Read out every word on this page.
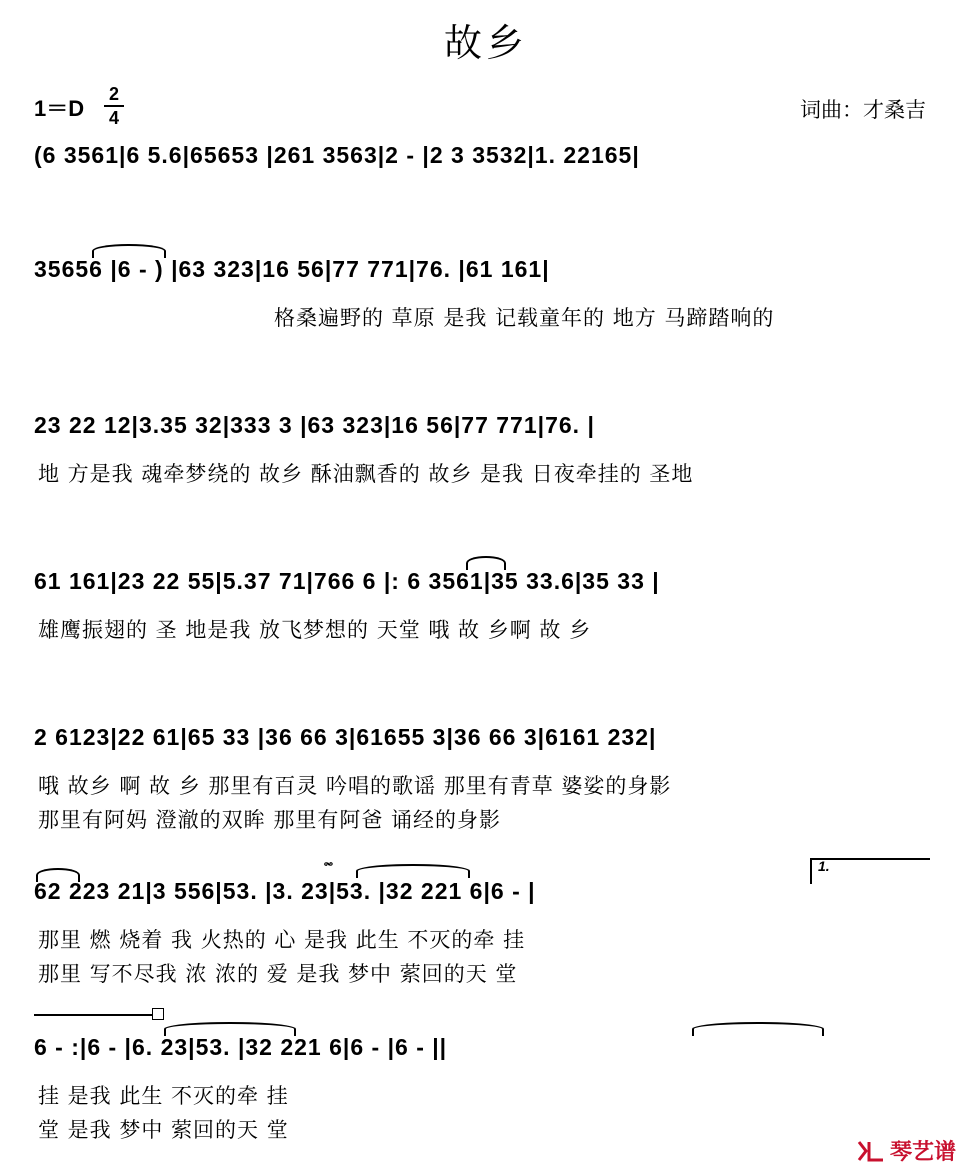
故乡
1＝D
2
4	词曲：才桑吉
(6 3561|6 5.6|65653 |261 3563|2 - |2 3 3532|1. 22165|
35656 |6 - ) |63 323|16 56|77 771|76. |61 161|
格桑遍野的 草原 是我 记载童年的 地方 马蹄踏响的
23 22 12|3.35 32|333 3 |63 323|16 56|77 771|76. |
地 方是我 魂牵梦绕的 故乡 酥油飘香的 故乡 是我 日夜牵挂的 圣地
61 161|23 22 55|5.37 71|766 6 |: 6 3561|35 33.6|35 33 |
雄鹰振翅的 圣 地是我 放飞梦想的 天堂 哦 故 乡啊 故 乡
2 6123|22 61|65 33 |36 66 3|61655 3|36 66 3|6161 232|
哦 故乡 啊 故 乡 那里有百灵 吟唱的歌谣 那里有青草 婆娑的身影
那里有阿妈 澄澈的双眸 那里有阿爸 诵经的身影
62 223 21|3 556|53. |3. 23|53. |32 221 6|6 - |
那里 燃 烧着 我 火热的 心 是我 此生 不灭的牵 挂
那里 写不尽我 浓 浓的 爱 是我 梦中 萦回的天 堂
𝆗	1.
6 - :|6 - |6. 23|53. |32 221 6|6 - |6 - ||
挂 是我 此生 不灭的牵 挂
堂 是我 梦中 萦回的天 堂
琴艺谱
